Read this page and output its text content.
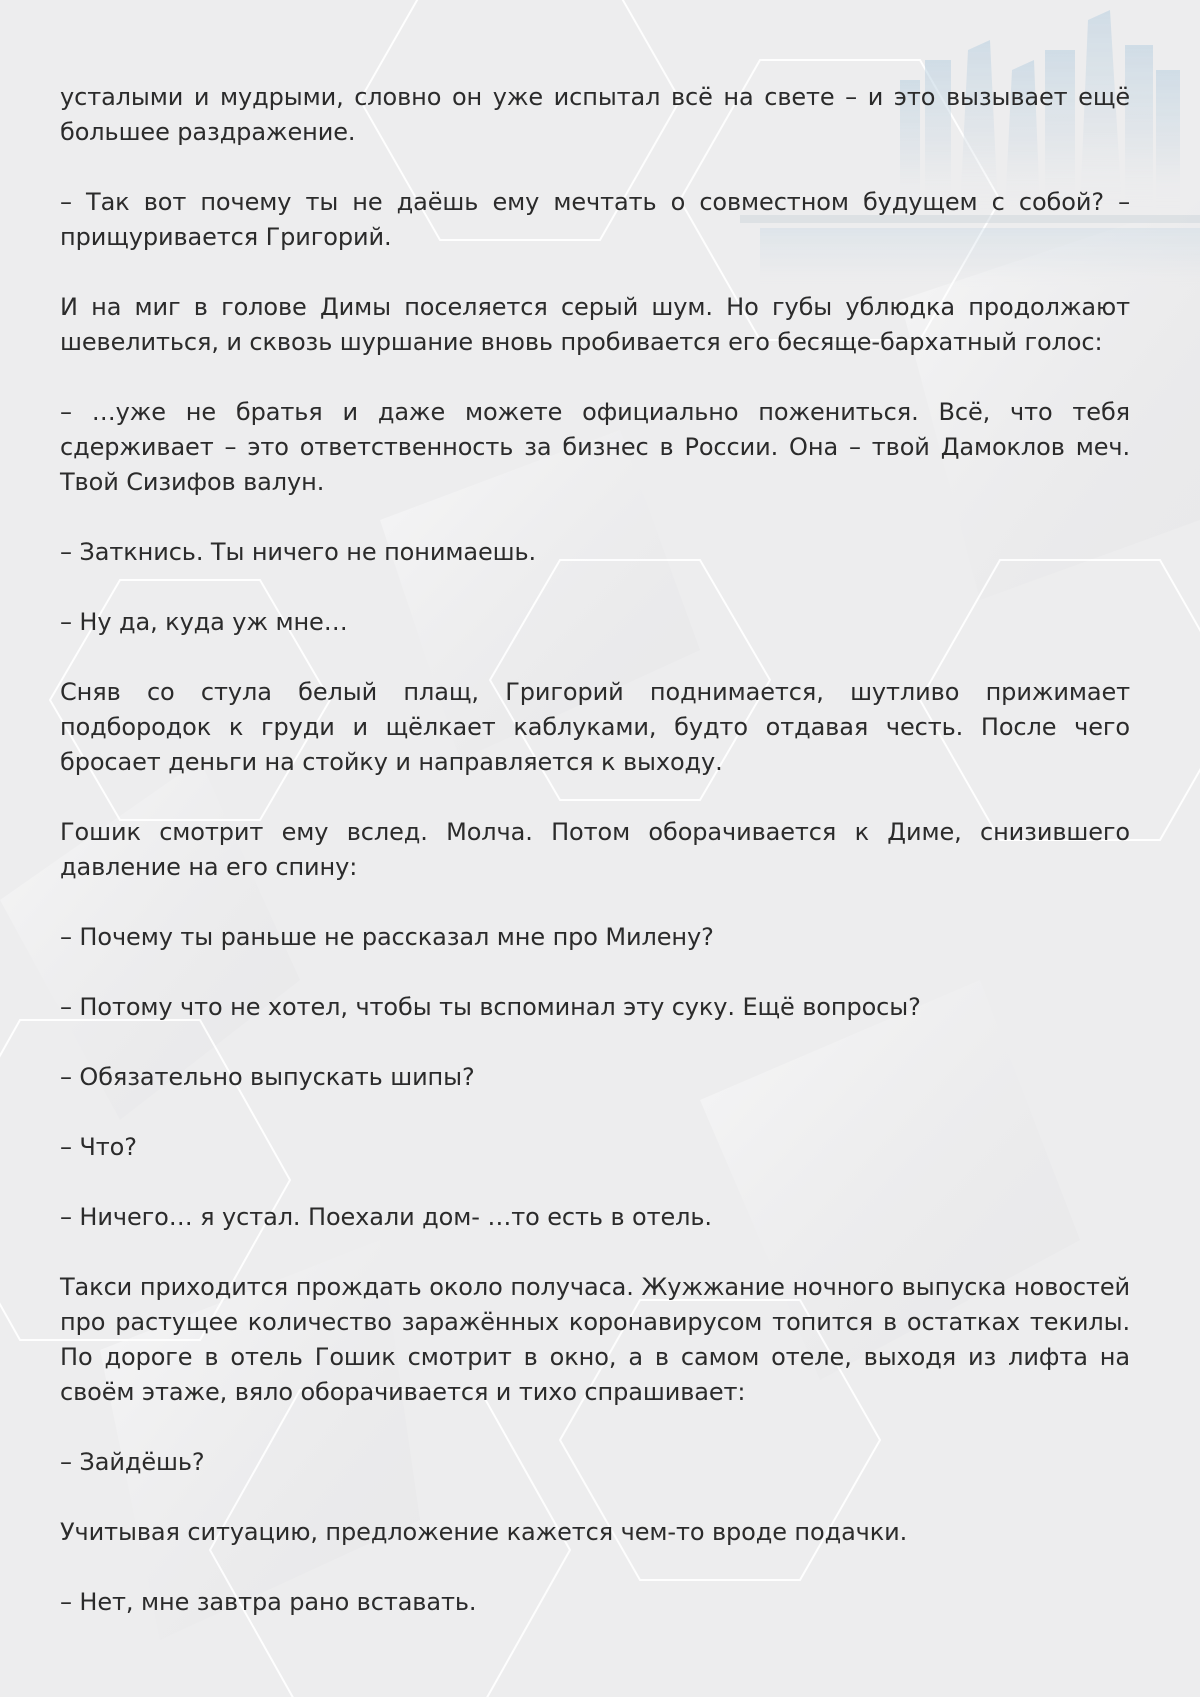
усталыми и мудрыми, словно он уже испытал всё на свете – и это вызывает ещё большее раздражение.

– Так вот почему ты не даёшь ему мечтать о совместном будущем с собой? – прищуривается Григорий.

И на миг в голове Димы поселяется серый шум. Но губы ублюдка продолжают шевелиться, и сквозь шуршание вновь пробивается его бесяще-бархатный голос:

– …уже не братья и даже можете официально пожениться. Всё, что тебя сдерживает – это ответственность за бизнес в России. Она – твой Дамоклов меч. Твой Сизифов валун.

– Заткнись. Ты ничего не понимаешь.

– Ну да, куда уж мне…

Сняв со стула белый плащ, Григорий поднимается, шутливо прижимает подбородок к груди и щёлкает каблуками, будто отдавая честь. После чего бросает деньги на стойку и направляется к выходу.

Гошик смотрит ему вслед. Молча. Потом оборачивается к Диме, снизившего давление на его спину:

– Почему ты раньше не рассказал мне про Милену?

– Потому что не хотел, чтобы ты вспоминал эту суку. Ещё вопросы?

– Обязательно выпускать шипы?

– Что?

– Ничего… я устал. Поехали дом- …то есть в отель.

Такси приходится прождать около получаса. Жужжание ночного выпуска новостей про растущее количество заражённых коронавирусом топится в остатках текилы. По дороге в отель Гошик смотрит в окно, а в самом отеле, выходя из лифта на своём этаже, вяло оборачивается и тихо спрашивает:

– Зайдёшь?

Учитывая ситуацию, предложение кажется чем-то вроде подачки.

– Нет, мне завтра рано вставать.
